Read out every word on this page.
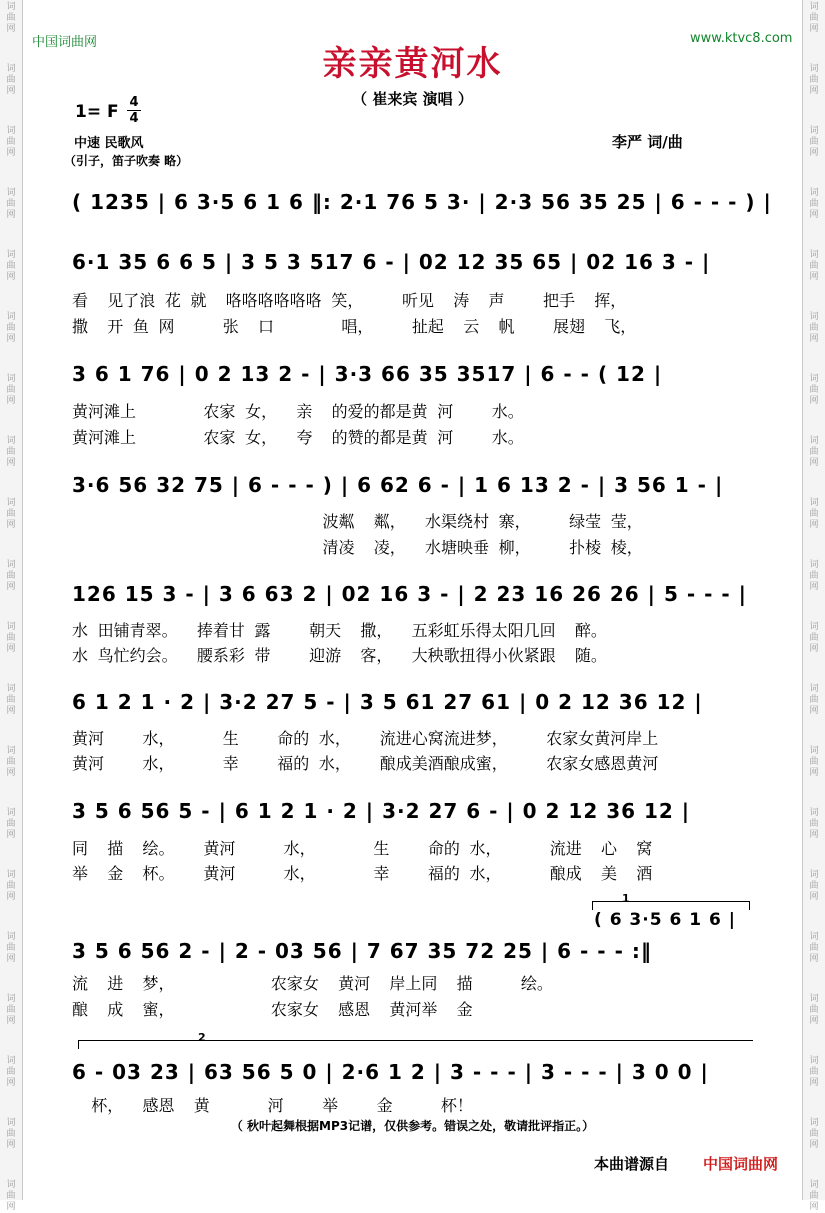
词
曲
网
词
曲
网
词
曲
网
词
曲
网
词
曲
网
词
曲
网
词
曲
网
词
曲
网
词
曲
网
词
曲
网
词
曲
网
词
曲
网
词
曲
网
词
曲
网
词
曲
网
词
曲
网
词
曲
网
词
曲
网
词
曲
网
词
曲
网
词
曲
网
词
曲
网
词
曲
网
词
曲
网
词
曲
网
词
曲
网
词
曲
网
词
曲
网
词
曲
网
词
曲
网
词
曲
网
词
曲
网
词
曲
网
词
曲
网
词
曲
网
词
曲
网
词
曲
网
词
曲
网
词
曲
网
词
曲
网
中国词曲网	www.ktvc8.com
亲亲黄河水
（ 崔来宾 演唱 ）
1= F 4
4
中速 民歌风
（引子，笛子吹奏 略）
李严 词/曲
( 1235 | 6 3·5 6 1 6 ‖: 2·1 76 5 3· | 2·3 56 35 25 | 6 - - - ) |
6·1 35 6 6 5 | 3 5 3 517 6 - | 02 12 35 65 | 02 16 3 - |
看  见了浪 花 就  咯咯咯咯咯咯 笑，    听见  涛  声    把手  挥，
撒  开 鱼 网     张  口       唱，    扯起  云  帆    展翅  飞，
3 6 1 76 | 0 2 13 2 - | 3·3 66 35 3517 | 6 - - ( 12 |
黄河滩上       农家 女，  亲  的爱的都是黄 河    水。
黄河滩上       农家 女，  夸  的赞的都是黄 河    水。
3·6 56 32 75 | 6 - - - ) | 6 62 6 - | 1 6 13 2 - | 3 56 1 - |
波粼  粼，  水渠绕村 寨，    绿莹 莹，
清凌  凌，  水塘映垂 柳，    扑棱 棱，
126 15 3 - | 3 6 63 2 | 02 16 3 - | 2 23 16 26 26 | 5 - - - |
水 田铺青翠。  捧着甘 露    朝天  撒，  五彩虹乐得太阳几回  醉。
水 鸟忙约会。  腰系彩 带    迎游  客，  大秧歌扭得小伙紧跟  随。
6 1 2 1 · 2 | 3·2 27 5 - | 3 5 61 27 61 | 0 2 12 36 12 |
黄河    水，     生    命的 水，   流进心窝流进梦，    农家女黄河岸上
黄河    水，     幸    福的 水，   酿成美酒酿成蜜，    农家女感恩黄河
3 5 6 56 5 - | 6 1 2 1 · 2 | 3·2 27 6 - | 0 2 12 36 12 |
同  描  绘。   黄河     水，      生    命的 水，     流进  心  窝
举  金  杯。   黄河     水，      幸    福的 水，     酿成  美  酒
1
( 6 3·5 6 1 6 |
3 5 6 56 2 - | 2 - 03 56 | 7 67 35 72 25 | 6 - - - :‖
流  进  梦，          农家女  黄河  岸上同  描     绘。
酿  成  蜜，          农家女  感恩  黄河举  金
2
6 - 03 23 | 63 56 5 0 | 2·6 1 2 | 3 - - - | 3 - - - | 3 0 0 |
杯，  感恩  黄      河    举    金     杯！
（ 秋叶起舞根据MP3记谱，仅供参考。错误之处，敬请批评指正。）
本曲谱源自 中国词曲网
